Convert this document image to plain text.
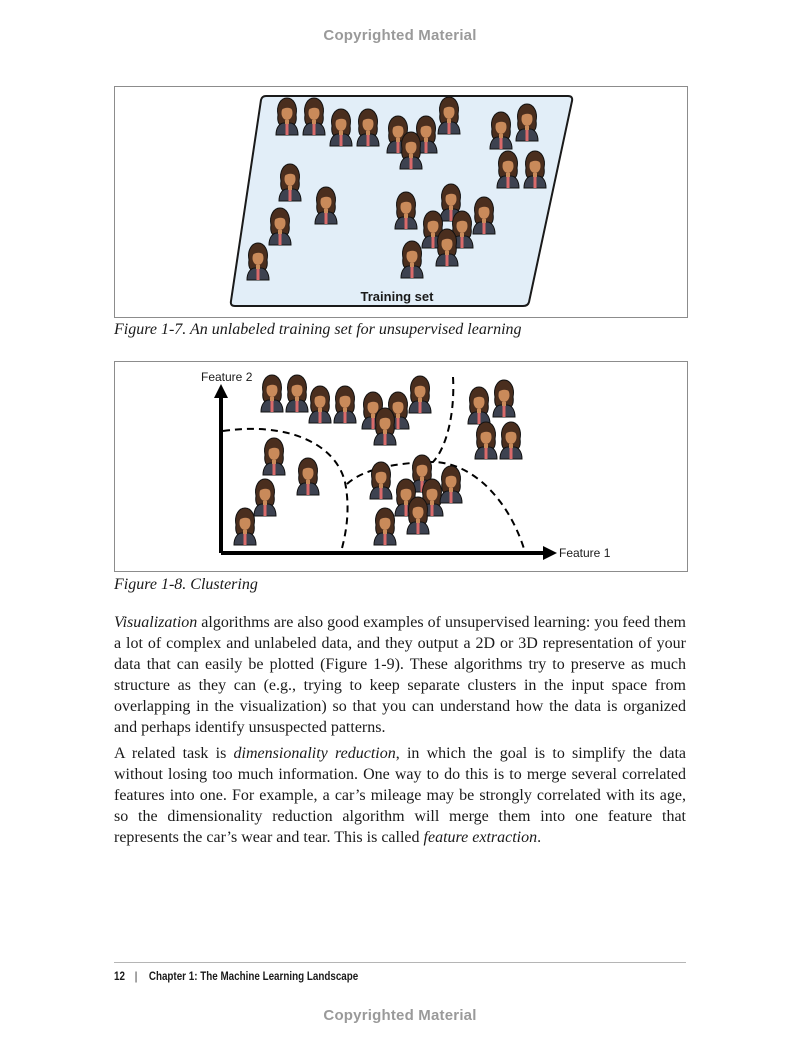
Copyrighted Material
Training set
Figure 1-7. An unlabeled training set for unsupervised learning
Feature 1
Feature 2
Figure 1-8. Clustering
Visualization algorithms are also good examples of unsupervised learning: you feed them a lot of complex and unlabeled data, and they output a 2D or 3D representation of your data that can easily be plotted (Figure 1-9). These algorithms try to preserve as much structure as they can (e.g., trying to keep separate clusters in the input space from overlapping in the visualization) so that you can understand how the data is organized and perhaps identify unsuspected patterns.
A related task is dimensionality reduction, in which the goal is to simplify the data without losing too much information. One way to do this is to merge several correlated features into one. For example, a car’s mileage may be strongly correlated with its age, so the dimensionality reduction algorithm will merge them into one feature that represents the car’s wear and tear. This is called feature extraction.
12 | Chapter 1: The Machine Learning Landscape
Copyrighted Material
